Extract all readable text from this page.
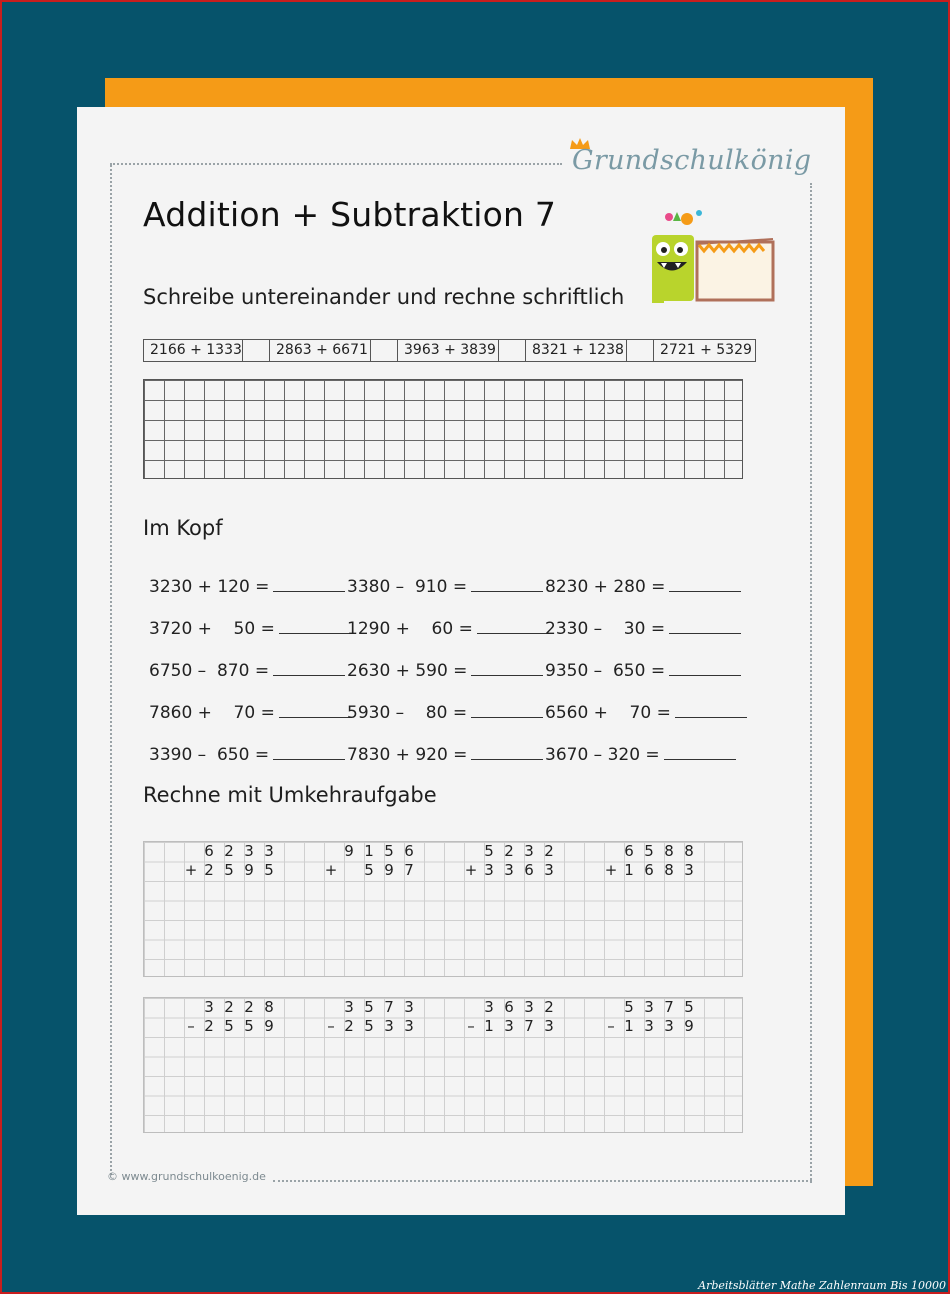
Grundschulkönig
Addition + Subtraktion 7
Schreibe untereinander und rechne schriftlich
2166 + 1333	2863 + 6671	3963 + 3839	8321 + 1238	2721 + 5329
Im Kopf
3230 + 120 =	3380 –  910 =	8230 + 280 =
3720 +    50 =	1290 +    60 =	2330 –    30 =
6750 –  870 =	2630 + 590 =	9350 –  650 =
7860 +    70 =	5930 –    80 =	6560 +    70 =
3390 –  650 =	7830 + 920 =	3670 – 320 =
Rechne mit Umkehraufgabe
6 2 3 3
+ 2 5 9 5
9 1 5 6
+ 5 9 7
5 2 3 2
+ 3 3 6 3
6 5 8 8
+ 1 6 8 3
3 2 2 8
– 2 5 5 9
3 5 7 3
– 2 5 3 3
3 6 3 2
– 1 3 7 3
5 3 7 5
– 1 3 3 9
© www.grundschulkoenig.de
Arbeitsblätter Mathe Zahlenraum Bis 10000
